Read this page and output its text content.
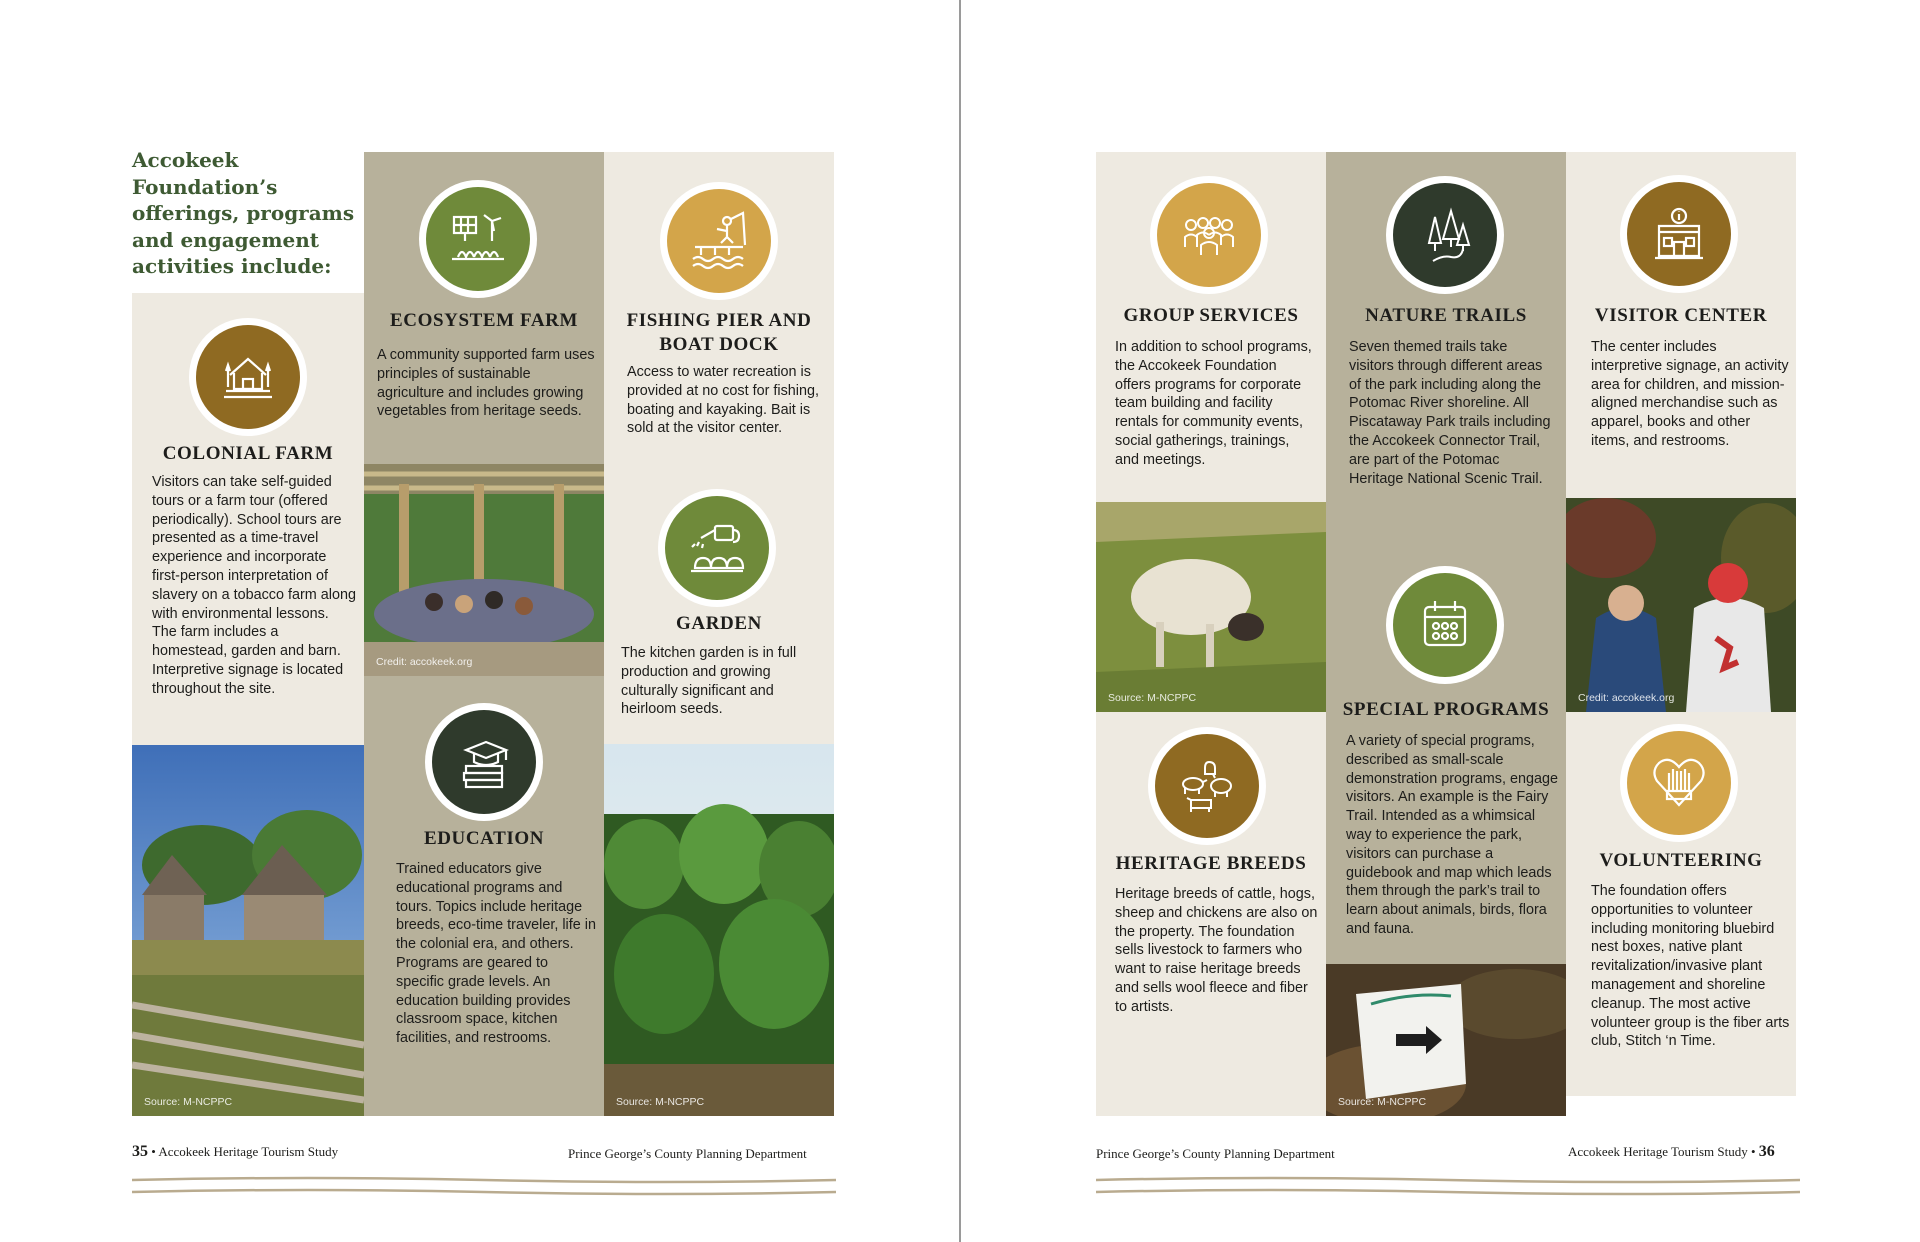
Accokeek Foundation’s offerings, programs and engagement activities include:
COLONIAL FARM
Visitors can take self-guided tours or a farm tour (offered periodically). School tours are presented as a time-travel experience and incorporate first-person interpretation of slavery on a tobacco farm along with environmental lessons. The farm includes a homestead, garden and barn. Interpretive signage is located throughout the site.
Source: M-NCPPC
ECOSYSTEM FARM
A community supported farm uses principles of sustainable agriculture and includes growing vegetables from heritage seeds.
Credit: accokeek.org
EDUCATION
Trained educators give educational programs and tours. Topics include heritage breeds, eco-time traveler, life in the colonial era, and others. Programs are geared to specific grade levels. An education building provides classroom space, kitchen facilities, and restrooms.
FISHING PIER AND BOAT DOCK
Access to water recreation is provided at no cost for fishing, boating and kayaking. Bait is sold at the visitor center.
GARDEN
The kitchen garden is in full production and growing culturally significant and heirloom seeds.
Source: M-NCPPC
35 • Accokeek Heritage Tourism Study	Prince George’s County Planning Department
GROUP SERVICES
In addition to school programs, the Accokeek Foundation offers programs for corporate team building and facility rentals for community events, social gatherings, trainings, and meetings.
Source: M-NCPPC
HERITAGE BREEDS
Heritage breeds of cattle, hogs, sheep and chickens are also on the property. The foundation sells livestock to farmers who want to raise heritage breeds and sells wool fleece and fiber to artists.
NATURE TRAILS
Seven themed trails take visitors through different areas of the park including along the Potomac River shoreline. All Piscataway Park trails including the Accokeek Connector Trail, are part of the Potomac Heritage National Scenic Trail.
SPECIAL PROGRAMS
A variety of special programs, described as small-scale demonstration programs, engage visitors. An example is the Fairy Trail. Intended as a whimsical way to experience the park, visitors can purchase a guidebook and map which leads them through the park’s trail to learn about animals, birds, flora and fauna.
Source: M-NCPPC
VISITOR CENTER
The center includes interpretive signage, an activity area for children, and mission-aligned merchandise such as apparel, books and other items, and restrooms.
Credit: accokeek.org
VOLUNTEERING
The foundation offers opportunities to volunteer including monitoring bluebird nest boxes, native plant revitalization/invasive plant management and shoreline cleanup. The most active volunteer group is the fiber arts club, Stitch ‘n Time.
Prince George’s County Planning Department	Accokeek Heritage Tourism Study • 36
